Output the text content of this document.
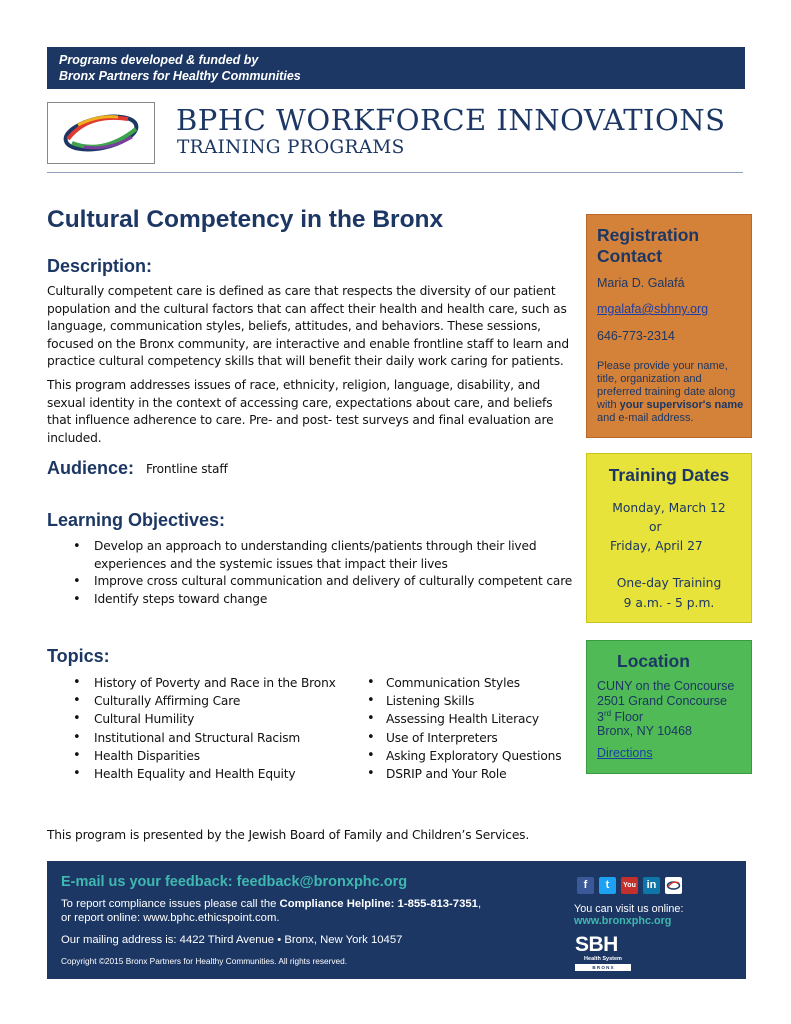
Programs developed & funded by
Bronx Partners for Healthy Communities
BPHC WORKFORCE INNOVATIONS
TRAINING PROGRAMS
Cultural Competency in the Bronx
Description:

Culturally competent care is defined as care that respects the diversity of our patient population and the cultural factors that can affect their health and health care, such as language, communication styles, beliefs, attitudes, and behaviors. These sessions, focused on the Bronx community, are interactive and enable frontline staff to learn and practice cultural competency skills that will benefit their daily work caring for patients.

This program addresses issues of race, ethnicity, religion, language, disability, and sexual identity in the context of accessing care, expectations about care, and beliefs that influence adherence to care. Pre- and post- test surveys and final evaluation are included.

Audience: Frontline staff
Learning Objectives:
• Develop an approach to understanding clients/patients through their lived experiences and the systemic issues that impact their lives
• Improve cross cultural communication and delivery of culturally competent care
• Identify steps toward change
Topics:
• History of Poverty and Race in the Bronx
• Culturally Affirming Care
• Cultural Humility
• Institutional and Structural Racism
• Health Disparities
• Health Equality and Health Equity
• Communication Styles
• Listening Skills
• Assessing Health Literacy
• Use of Interpreters
• Asking Exploratory Questions
• DSRIP and Your Role
This program is presented by the Jewish Board of Family and Children’s Services.
Registration
Contact
Maria D. Galafá
mgalafa@sbhny.org
646-773-2314
Please provide your name, title, organization and preferred training date along with your supervisor's name and e-mail address.
Training Dates
Monday, March 12
or
Friday, April 27
One-day Training
9 a.m. - 5 p.m.
Location
CUNY on the Concourse
2501 Grand Concourse
3rd Floor
Bronx, NY 10468
Directions
E-mail us your feedback: feedback@bronxphc.org
To report compliance issues please call the Compliance Helpline: 1-855-813-7351,
or report online: www.bphc.ethicspoint.com.
Our mailing address is: 4422 Third Avenue • Bronx, New York 10457
Copyright ©2015 Bronx Partners for Healthy Communities. All rights reserved.
f	t	You in
You can visit us online:
www.bronxphc.org
SBH
Health System
B R O N X
